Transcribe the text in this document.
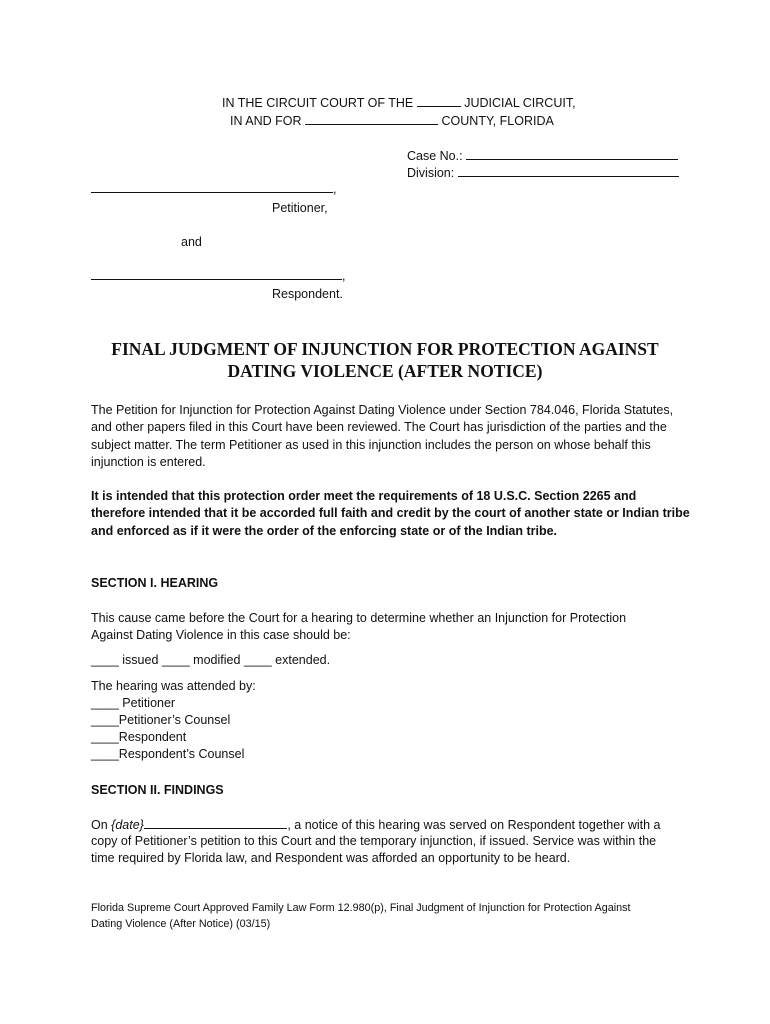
IN THE CIRCUIT COURT OF THE	JUDICIAL CIRCUIT,
IN AND FOR	COUNTY, FLORIDA
Case No.:
Division:
,
Petitioner,
and
,
Respondent.
FINAL JUDGMENT OF INJUNCTION FOR PROTECTION AGAINST
DATING VIOLENCE (AFTER NOTICE)
The Petition for Injunction for Protection Against Dating Violence under Section 784.046, Florida Statutes, and other papers filed in this Court have been reviewed. The Court has jurisdiction of the parties and the subject matter. The term Petitioner as used in this injunction includes the person on whose behalf this injunction is entered.
It is intended that this protection order meet the requirements of 18 U.S.C. Section 2265 and therefore intended that it be accorded full faith and credit by the court of another state or Indian tribe and enforced as if it were the order of the enforcing state or of the Indian tribe.
SECTION I. HEARING
This cause came before the Court for a hearing to determine whether an Injunction for Protection Against Dating Violence in this case should be:
____ issued ____ modified ____ extended.
The hearing was attended by:
____ Petitioner
____Petitioner’s Counsel
____Respondent
____Respondent’s Counsel
SECTION II. FINDINGS
On {date}	, a notice of this hearing was served on Respondent together with a
copy of Petitioner’s petition to this Court and the temporary injunction, if issued. Service was within the
time required by Florida law, and Respondent was afforded an opportunity to be heard.
Florida Supreme Court Approved Family Law Form 12.980(p), Final Judgment of Injunction for Protection Against
Dating Violence (After Notice) (03/15)
